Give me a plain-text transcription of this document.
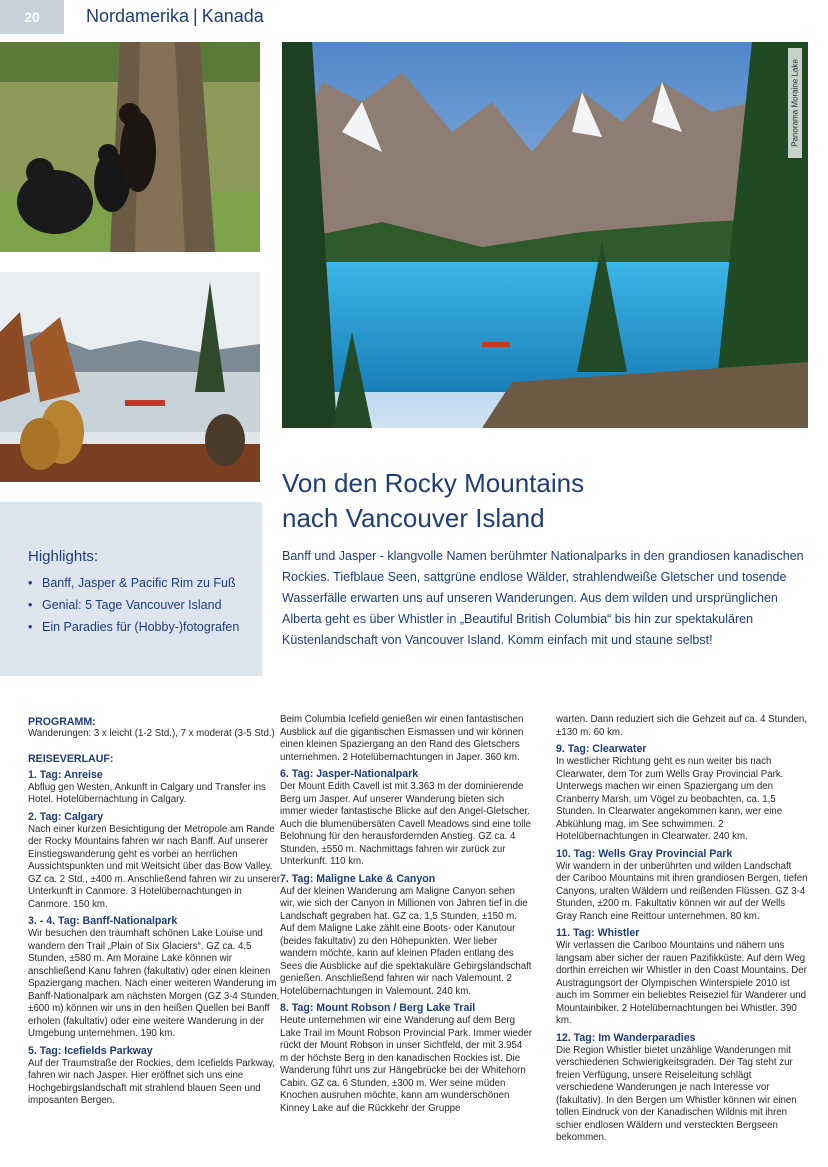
20	Nordamerika | Kanada
Panorama Moraine Lake
Von den Rocky Mountains
nach Vancouver Island
Banff und Jasper - klangvolle Namen berühmter Nationalparks in den grandiosen kanadischen Rockies. Tiefblaue Seen, sattgrüne endlose Wälder, strahlendweiße Gletscher und tosende Wasserfälle erwarten uns auf unseren Wanderungen. Aus dem wilden und ursprünglichen Alberta geht es über Whistler in „Beautiful British Columbia“ bis hin zur spektakulären Küstenlandschaft von Vancouver Island. Komm einfach mit und staune selbst!
Highlights:
• Banff, Jasper & Pacific Rim zu Fuß
• Genial: 5 Tage Vancouver Island
• Ein Paradies für (Hobby-)fotografen
PROGRAMM:

Wanderungen: 3 x leicht (1-2 Std.), 7 x moderat (3-5 Std.)

REISEVERLAUF:
1. Tag: Anreise

Abflug gen Westen, Ankunft in Calgary und Transfer ins Hotel. Hotelübernachtung in Calgary.

2. Tag: Calgary

Nach einer kurzen Besichtigung der Metropole am Rande der Rocky Mountains fahren wir nach Banff. Auf unserer Einstiegswanderung geht es vorbei an herrlichen Aussichtspunkten und mit Weitsicht über das Bow Valley. GZ ca. 2 Std., ±400 m. Anschließend fahren wir zu unserer Unterkunft in Canmore. 3 Hotelübernachtungen in Canmore. 150 km.

3. - 4. Tag: Banff-Nationalpark

Wir besuchen den traumhaft schönen Lake Louise und wandern den Trail „Plain of Six Glaciers“. GZ ca. 4,5 Stunden, ±580 m. Am Moraine Lake können wir anschließend Kanu fahren (fakultativ) oder einen kleinen Spaziergang machen. Nach einer weiteren Wanderung im Banff-Nationalpark am nächsten Morgen (GZ 3-4 Stunden, ±600 m) können wir uns in den heißen Quellen bei Banff erholen (fakultativ) oder eine weitere Wanderung in der Umgebung unternehmen. 190 km.

5. Tag: Icefields Parkway

Auf der Traumstraße der Rockies, dem Icefields Parkway, fahren wir nach Jasper. Hier eröffnet sich uns eine Hochgebirgslandschaft mit strahlend blauen Seen und imposanten Bergen.

Beim Columbia Icefield genießen wir einen fantastischen Ausblick auf die gigantischen Eismassen und wir können einen kleinen Spaziergang an den Rand des Gletschers unternehmen. 2 Hotelübernachtungen in Japer. 360 km.

6. Tag: Jasper-Nationalpark

Der Mount Edith Cavell ist mit 3.363 m der dominierende Berg um Jasper. Auf unserer Wanderung bieten sich immer wieder fantastische Blicke auf den Angel-Gletscher. Auch die blumenübersäten Cavell Meadows sind eine tolle Belohnung für den herausfordernden Anstieg. GZ ca. 4 Stunden, ±550 m. Nachmittags fahren wir zurück zur Unterkunft. 110 km.

7. Tag: Maligne Lake & Canyon

Auf der kleinen Wanderung am Maligne Canyon sehen wir, wie sich der Canyon in Millionen von Jahren tief in die Landschaft gegraben hat. GZ ca. 1,5 Stunden, ±150 m. Auf dem Maligne Lake zählt eine Boots- oder Kanutour (beides fakultativ) zu den Höhepunkten. Wer lieber wandern möchte, kann auf kleinen Pfaden entlang des Sees die Ausblicke auf die spektakuläre Gebirgslandschaft genießen. Anschließend fahren wir nach Valemount. 2 Hotelübernachtungen in Valemount. 240 km.

8. Tag: Mount Robson / Berg Lake Trail

Heute unternehmen wir eine Wanderung auf dem Berg Lake Trail im Mount Robson Provincial Park. Immer wieder rückt der Mount Robson in unser Sichtfeld, der mit 3.954 m der höchste Berg in den kanadischen Rockies ist. Die Wanderung führt uns zur Hängebrücke bei der Whitehorn Cabin. GZ ca. 6 Stunden, ±300 m. Wer seine müden Knochen ausruhen möchte, kann am wunderschönen Kinney Lake auf die Rückkehr der Gruppe

warten. Dann reduziert sich die Gehzeit auf ca. 4 Stunden, ±130 m. 60 km.

9. Tag: Clearwater

In westlicher Richtung geht es nun weiter bis nach Clearwater, dem Tor zum Wells Gray Provincial Park. Unterwegs machen wir einen Spaziergang um den Cranberry Marsh, um Vögel zu beobachten, ca. 1,5 Stunden. In Clearwater angekommen kann, wer eine Abkühlung mag, im See schwimmen. 2 Hotelübernachtungen in Clearwater. 240 km.

10. Tag: Wells Gray Provincial Park

Wir wandern in der unberührten und wilden Landschaft der Cariboo Mountains mit ihren grandiosen Bergen, tiefen Canyons, uralten Wäldern und reißenden Flüssen. GZ 3-4 Stunden, ±200 m. Fakultativ können wir auf der Wells Gray Ranch eine Reittour unternehmen. 80 km.

11. Tag: Whistler

Wir verlassen die Cariboo Mountains und nähern uns langsam aber sicher der rauen Pazifikküste. Auf dem Weg dorthin erreichen wir Whistler in den Coast Mountains. Der Austragungsort der Olympischen Winterspiele 2010 ist auch im Sommer ein beliebtes Reiseziel für Wanderer und Mountainbiker. 2 Hotelübernachtungen bei Whistler. 390 km.

12. Tag: Im Wanderparadies

Die Region Whistler bietet unzählige Wanderungen mit verschiedenen Schwierigkeitsgraden. Der Tag steht zur freien Verfügung, unsere Reiseleitung schlägt verschiedene Wanderungen je nach Interesse vor (fakultativ). In den Bergen um Whistler können wir einen tollen Eindruck von der Kanadischen Wildnis mit ihren schier endlosen Wäldern und versteckten Bergseen bekommen.
